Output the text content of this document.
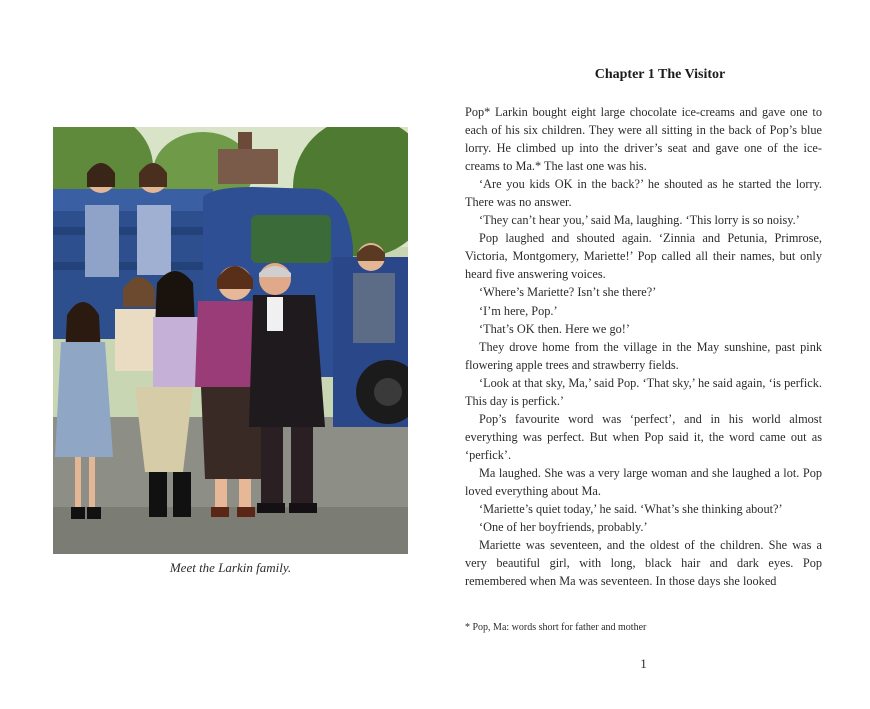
Meet the Larkin family.
Chapter 1 The Visitor

Pop* Larkin bought eight large chocolate ice-creams and gave one to each of his six children. They were all sitting in the back of Pop’s blue lorry. He climbed up into the driver’s seat and gave one of the ice-creams to Ma.* The last one was his.

‘Are you kids OK in the back?’ he shouted as he started the lorry. There was no answer.

‘They can’t hear you,’ said Ma, laughing. ‘This lorry is so noisy.’

Pop laughed and shouted again. ‘Zinnia and Petunia, Primrose, Victoria, Montgomery, Mariette!’ Pop called all their names, but only heard five answering voices.

‘Where’s Mariette? Isn’t she there?’

‘I’m here, Pop.’

‘That’s OK then. Here we go!’

They drove home from the village in the May sunshine, past pink flowering apple trees and strawberry fields.

‘Look at that sky, Ma,’ said Pop. ‘That sky,’ he said again, ‘is perfick. This day is perfick.’

Pop’s favourite word was ‘perfect’, and in his world almost everything was perfect. But when Pop said it, the word came out as ‘perfick’.

Ma laughed. She was a very large woman and she laughed a lot. Pop loved everything about Ma.

‘Mariette’s quiet today,’ he said. ‘What’s she thinking about?’

‘One of her boyfriends, probably.’

Mariette was seventeen, and the oldest of the children. She was a very beautiful girl, with long, black hair and dark eyes. Pop remembered when Ma was seventeen. In those days she looked

* Pop, Ma: words short for father and mother
1
